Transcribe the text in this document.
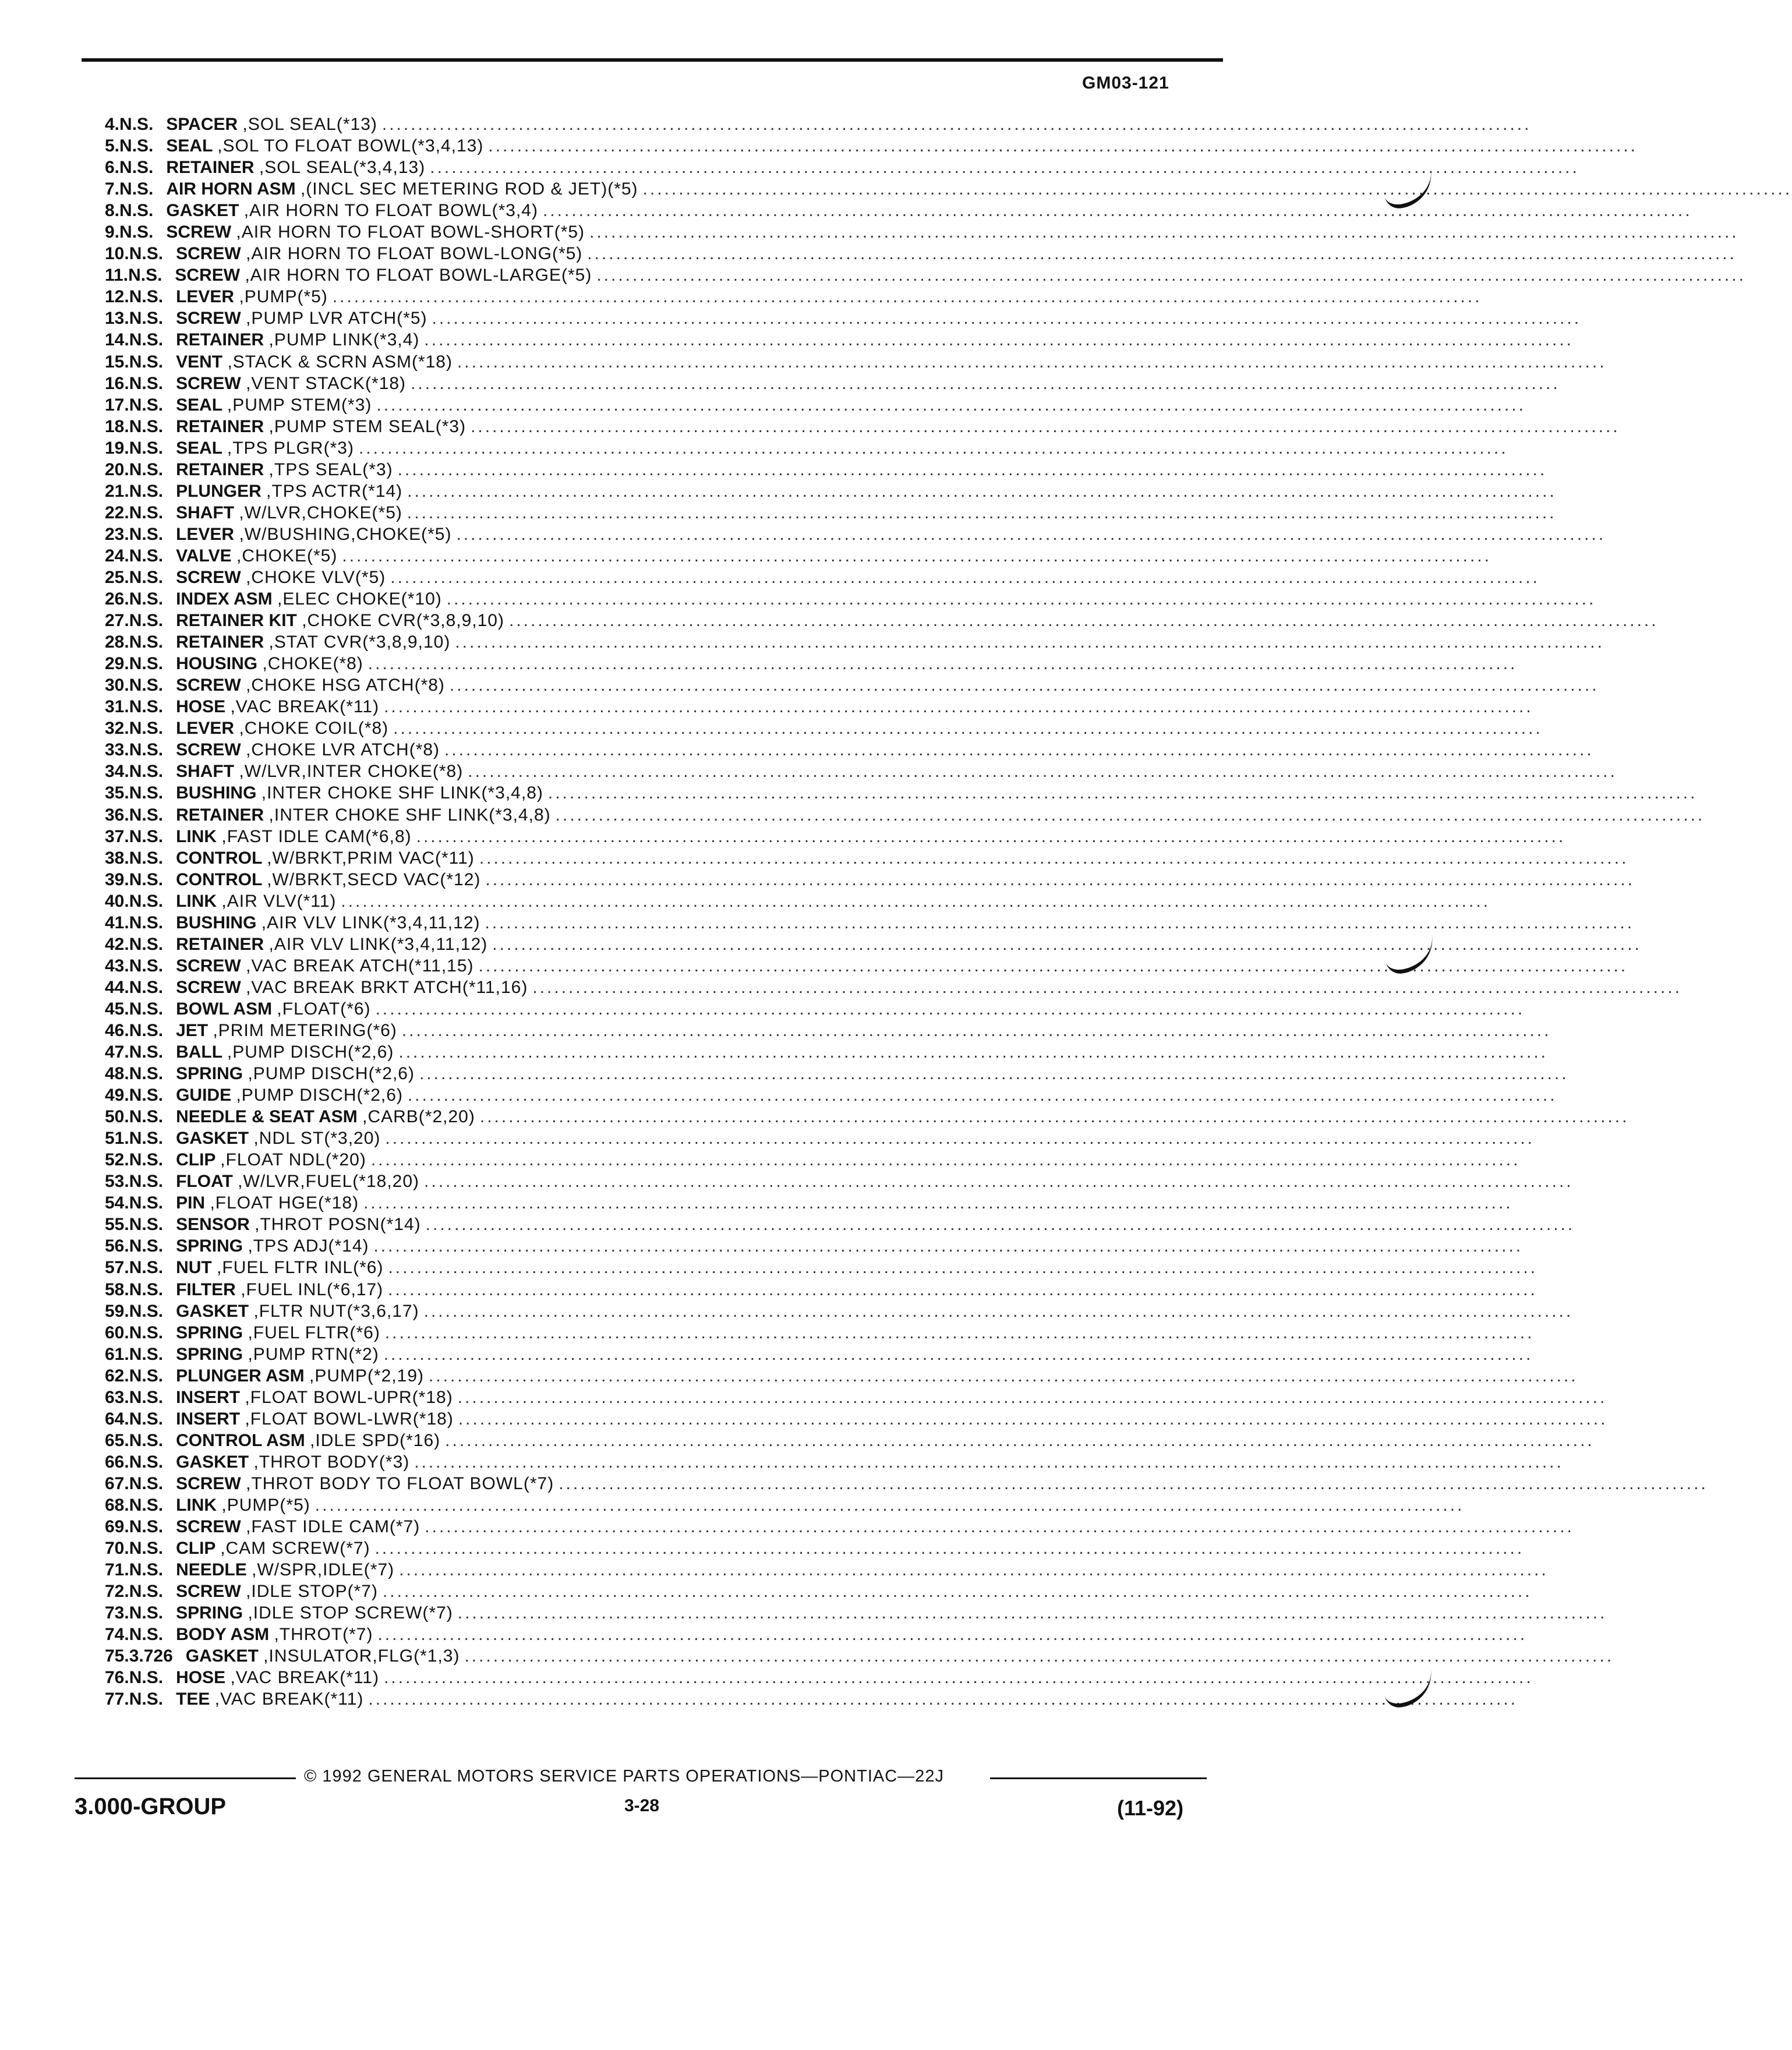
GM03-121
4. N.S. SPACER ,SOL SEAL(*13) ................................................................................................................................................................
5. N.S. SEAL ,SOL TO FLOAT BOWL(*3,4,13) ................................................................................................................................................................
6. N.S. RETAINER ,SOL SEAL(*3,4,13) ................................................................................................................................................................
7. N.S. AIR HORN ASM ,(INCL SEC METERING ROD & JET)(*5) ................................................................................................................................................................
8. N.S. GASKET ,AIR HORN TO FLOAT BOWL(*3,4) ................................................................................................................................................................
9. N.S. SCREW ,AIR HORN TO FLOAT BOWL-SHORT(*5) ................................................................................................................................................................
10. N.S. SCREW ,AIR HORN TO FLOAT BOWL-LONG(*5) ................................................................................................................................................................
11. N.S. SCREW ,AIR HORN TO FLOAT BOWL-LARGE(*5) ................................................................................................................................................................
12. N.S. LEVER ,PUMP(*5) ................................................................................................................................................................
13. N.S. SCREW ,PUMP LVR ATCH(*5) ................................................................................................................................................................
14. N.S. RETAINER ,PUMP LINK(*3,4) ................................................................................................................................................................
15. N.S. VENT ,STACK & SCRN ASM(*18) ................................................................................................................................................................
16. N.S. SCREW ,VENT STACK(*18) ................................................................................................................................................................
17. N.S. SEAL ,PUMP STEM(*3) ................................................................................................................................................................
18. N.S. RETAINER ,PUMP STEM SEAL(*3) ................................................................................................................................................................
19. N.S. SEAL ,TPS PLGR(*3) ................................................................................................................................................................
20. N.S. RETAINER ,TPS SEAL(*3) ................................................................................................................................................................
21. N.S. PLUNGER ,TPS ACTR(*14) ................................................................................................................................................................
22. N.S. SHAFT ,W/LVR,CHOKE(*5) ................................................................................................................................................................
23. N.S. LEVER ,W/BUSHING,CHOKE(*5) ................................................................................................................................................................
24. N.S. VALVE ,CHOKE(*5) ................................................................................................................................................................
25. N.S. SCREW ,CHOKE VLV(*5) ................................................................................................................................................................
26. N.S. INDEX ASM ,ELEC CHOKE(*10) ................................................................................................................................................................
27. N.S. RETAINER KIT ,CHOKE CVR(*3,8,9,10) ................................................................................................................................................................
28. N.S. RETAINER ,STAT CVR(*3,8,9,10) ................................................................................................................................................................
29. N.S. HOUSING ,CHOKE(*8) ................................................................................................................................................................
30. N.S. SCREW ,CHOKE HSG ATCH(*8) ................................................................................................................................................................
31. N.S. HOSE ,VAC BREAK(*11) ................................................................................................................................................................
32. N.S. LEVER ,CHOKE COIL(*8) ................................................................................................................................................................
33. N.S. SCREW ,CHOKE LVR ATCH(*8) ................................................................................................................................................................
34. N.S. SHAFT ,W/LVR,INTER CHOKE(*8) ................................................................................................................................................................
35. N.S. BUSHING ,INTER CHOKE SHF LINK(*3,4,8) ................................................................................................................................................................
36. N.S. RETAINER ,INTER CHOKE SHF LINK(*3,4,8) ................................................................................................................................................................
37. N.S. LINK ,FAST IDLE CAM(*6,8) ................................................................................................................................................................
38. N.S. CONTROL ,W/BRKT,PRIM VAC(*11) ................................................................................................................................................................
39. N.S. CONTROL ,W/BRKT,SECD VAC(*12) ................................................................................................................................................................
40. N.S. LINK ,AIR VLV(*11) ................................................................................................................................................................
41. N.S. BUSHING ,AIR VLV LINK(*3,4,11,12) ................................................................................................................................................................
42. N.S. RETAINER ,AIR VLV LINK(*3,4,11,12) ................................................................................................................................................................
43. N.S. SCREW ,VAC BREAK ATCH(*11,15) ................................................................................................................................................................
44. N.S. SCREW ,VAC BREAK BRKT ATCH(*11,16) ................................................................................................................................................................
45. N.S. BOWL ASM ,FLOAT(*6) ................................................................................................................................................................
46. N.S. JET ,PRIM METERING(*6) ................................................................................................................................................................
47. N.S. BALL ,PUMP DISCH(*2,6) ................................................................................................................................................................
48. N.S. SPRING ,PUMP DISCH(*2,6) ................................................................................................................................................................
49. N.S. GUIDE ,PUMP DISCH(*2,6) ................................................................................................................................................................
50. N.S. NEEDLE & SEAT ASM ,CARB(*2,20) ................................................................................................................................................................
51. N.S. GASKET ,NDL ST(*3,20) ................................................................................................................................................................
52. N.S. CLIP ,FLOAT NDL(*20) ................................................................................................................................................................
53. N.S. FLOAT ,W/LVR,FUEL(*18,20) ................................................................................................................................................................
54. N.S. PIN ,FLOAT HGE(*18) ................................................................................................................................................................
55. N.S. SENSOR ,THROT POSN(*14) ................................................................................................................................................................
56. N.S. SPRING ,TPS ADJ(*14) ................................................................................................................................................................
57. N.S. NUT ,FUEL FLTR INL(*6) ................................................................................................................................................................
58. N.S. FILTER ,FUEL INL(*6,17) ................................................................................................................................................................
59. N.S. GASKET ,FLTR NUT(*3,6,17) ................................................................................................................................................................
60. N.S. SPRING ,FUEL FLTR(*6) ................................................................................................................................................................
61. N.S. SPRING ,PUMP RTN(*2) ................................................................................................................................................................
62. N.S. PLUNGER ASM ,PUMP(*2,19) ................................................................................................................................................................
63. N.S. INSERT ,FLOAT BOWL-UPR(*18) ................................................................................................................................................................
64. N.S. INSERT ,FLOAT BOWL-LWR(*18) ................................................................................................................................................................
65. N.S. CONTROL ASM ,IDLE SPD(*16) ................................................................................................................................................................
66. N.S. GASKET ,THROT BODY(*3) ................................................................................................................................................................
67. N.S. SCREW ,THROT BODY TO FLOAT BOWL(*7) ................................................................................................................................................................
68. N.S. LINK ,PUMP(*5) ................................................................................................................................................................
69. N.S. SCREW ,FAST IDLE CAM(*7) ................................................................................................................................................................
70. N.S. CLIP ,CAM SCREW(*7) ................................................................................................................................................................
71. N.S. NEEDLE ,W/SPR,IDLE(*7) ................................................................................................................................................................
72. N.S. SCREW ,IDLE STOP(*7) ................................................................................................................................................................
73. N.S. SPRING ,IDLE STOP SCREW(*7) ................................................................................................................................................................
74. N.S. BODY ASM ,THROT(*7) ................................................................................................................................................................
75. 3.726 GASKET ,INSULATOR,FLG(*1,3) ................................................................................................................................................................
76. N.S. HOSE ,VAC BREAK(*11) ................................................................................................................................................................
77. N.S. TEE ,VAC BREAK(*11) ................................................................................................................................................................
3.000-GROUP
© 1992 GENERAL MOTORS SERVICE PARTS OPERATIONS—PONTIAC—22J
3-28	(11-92)
